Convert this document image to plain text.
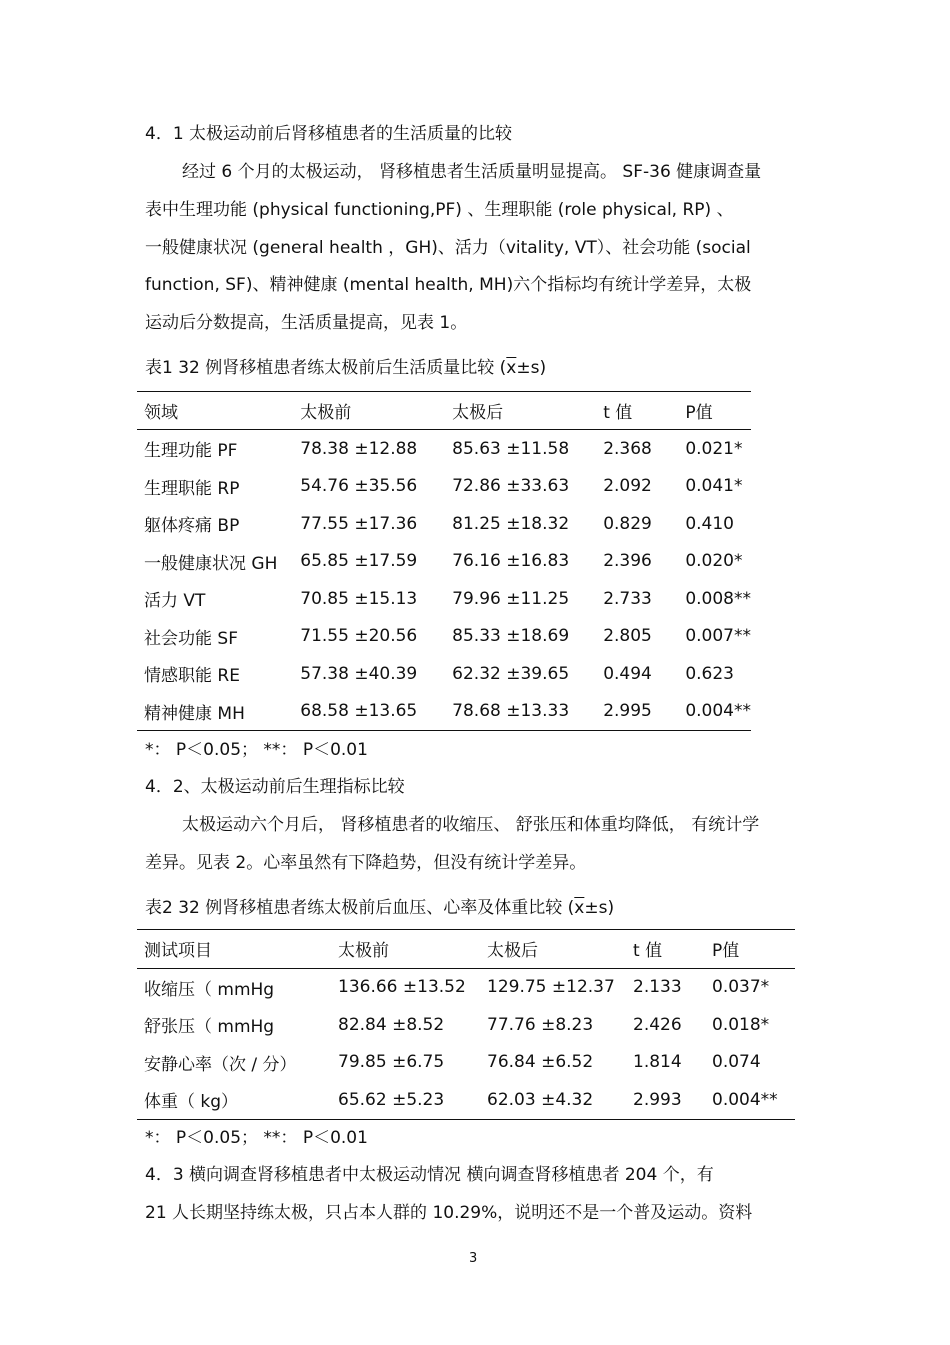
4．1 太极运动前后肾移植患者的生活质量的比较
经过 6 个月的太极运动， 肾移植患者生活质量明显提高。 SF-36 健康调查量
表中生理功能 (physical functioning,PF) 、生理职能 (role physical, RP) 、
一般健康状况 (general health ，GH)、活力（vitality, VT）、社会功能 (social
function, SF)、精神健康 (mental health, MH)六个指标均有统计学差异，太极
运动后分数提高，生活质量提高，见表 1。
表1 32 例肾移植患者练太极前后生活质量比较 $(\overline{x}\pm s)$
领域	太极前	太极后	t 值	P值
生理功能 PF	78.38 ±12.88	85.63 ±11.58	2.368	0.021*
生理职能 RP	54.76 ±35.56	72.86 ±33.63	2.092	0.041*
躯体疼痛 BP	77.55 ±17.36	81.25 ±18.32	0.829	0.410
一般健康状况 GH	65.85 ±17.59	76.16 ±16.83	2.396	0.020*
活力 VT	70.85 ±15.13	79.96 ±11.25	2.733	0.008**
社会功能 SF	71.55 ±20.56	85.33 ±18.69	2.805	0.007**
情感职能 RE	57.38 ±40.39	62.32 ±39.65	0.494	0.623
精神健康 MH	68.58 ±13.65	78.68 ±13.33	2.995	0.004**
*： P＜0.05； **： P＜0.01
4．2、太极运动前后生理指标比较
太极运动六个月后， 肾移植患者的收缩压、 舒张压和体重均降低， 有统计学
差异。见表 2。心率虽然有下降趋势，但没有统计学差异。
表2 32 例肾移植患者练太极前后血压、心率及体重比较 $(\overline{x}\pm s)$
测试项目	太极前	太极后	t 值	P值
收缩压（ mmHg	136.66 ±13.52	129.75 ±12.37	2.133	0.037*
舒张压（ mmHg	82.84 ±8.52	77.76 ±8.23	2.426	0.018*
安静心率（次 / 分）	79.85 ±6.75	76.84 ±6.52	1.814	0.074
体重（ kg）	65.62 ±5.23	62.03 ±4.32	2.993	0.004**
*： P＜0.05； **： P＜0.01
4．3 横向调查肾移植患者中太极运动情况 横向调查肾移植患者 204 个，有
21 人长期坚持练太极，只占本人群的 10.29%，说明还不是一个普及运动。资料
3
